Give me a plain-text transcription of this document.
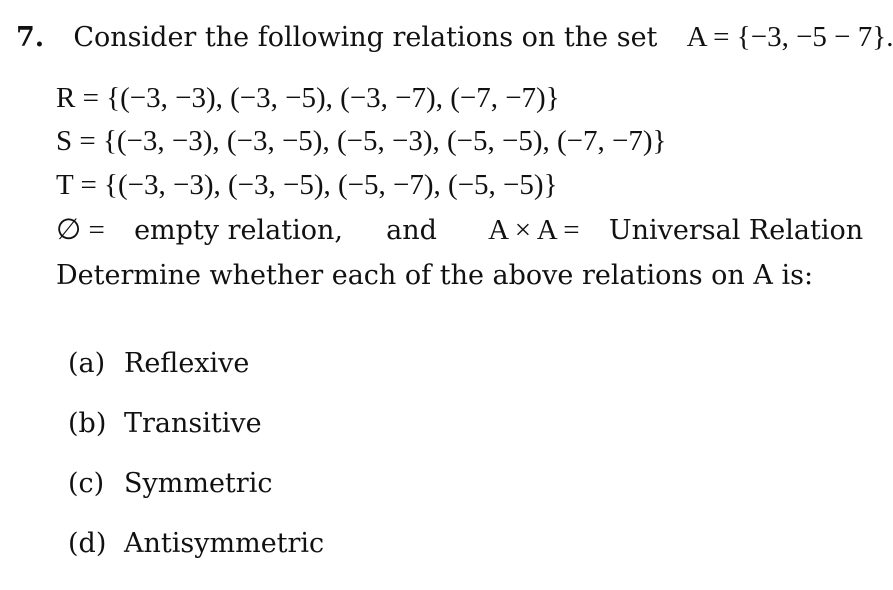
7. Consider the following relations on the set A = {−3, −5 − 7}.
R = {(−3, −3), (−3, −5), (−3, −7), (−7, −7)}
S = {(−3, −3), (−3, −5), (−5, −3), (−5, −5), (−7, −7)}
T = {(−3, −3), (−3, −5), (−5, −7), (−5, −5)}
∅ = empty relation, and A × A = Universal Relation
Determine whether each of the above relations on A is:
(a) Reflexive
(b) Transitive
(c) Symmetric
(d) Antisymmetric
